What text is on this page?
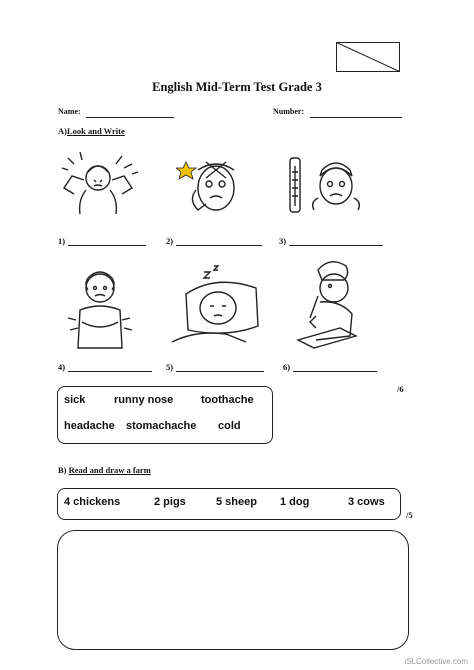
English Mid-Term Test Grade 3
Name:	Number:
A)Look and Write
1)	2)	3)
4)	5)	6)
/6
sick	runny nose	toothache
headache stomachache cold
B) Read and draw a farm
4 chickens	2 pigs	5 sheep 1 dog	3 cows
/5
iSLCollective.com
